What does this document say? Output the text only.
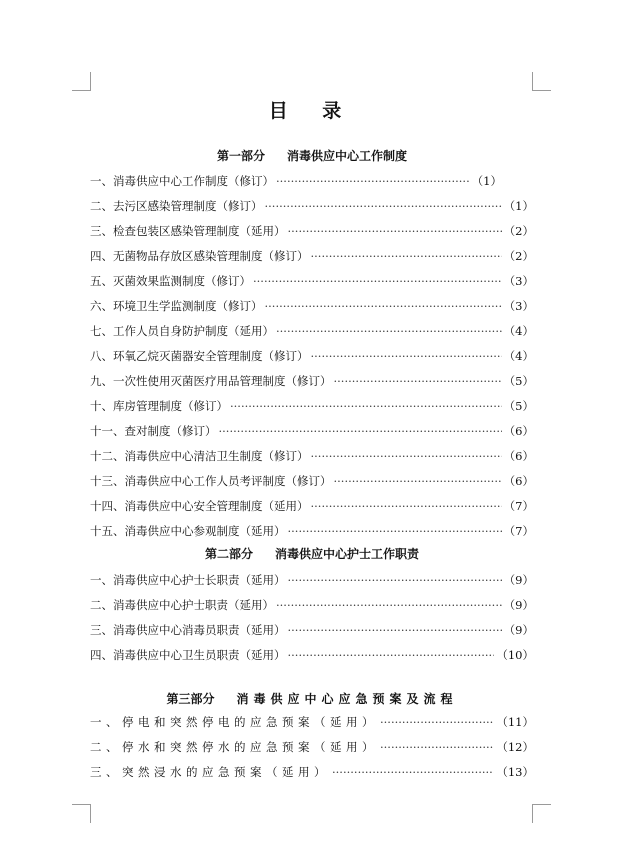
目 录
第一部分 消毒供应中心工作制度
一、消毒供应中心工作制度（修订） ·····	（1）
二、去污区感染管理制度（修订） ·····	（1）
三、检查包装区感染管理制度（延用） ·····	（2）
四、无菌物品存放区感染管理制度（修订） ·····	（2）
五、灭菌效果监测制度（修订） ·····	（3）
六、环境卫生学监测制度（修订） ·····	（3）
七、工作人员自身防护制度（延用） ·····	（4）
八、环氧乙烷灭菌器安全管理制度（修订） ·····	（4）
九、一次性使用灭菌医疗用品管理制度（修订） ·····	（5）
十、库房管理制度（修订） ·····	（5）
十一、查对制度（修订） ·····	（6）
十二、消毒供应中心清洁卫生制度（修订） ·····	（6）
十三、消毒供应中心工作人员考评制度（修订） ·····	（6）
十四、消毒供应中心安全管理制度（延用） ·····	（7）
十五、消毒供应中心参观制度（延用） ·····	（7）
第二部分 消毒供应中心护士工作职责
一、消毒供应中心护士长职责（延用） ·····	（9）
二、消毒供应中心护士职责（延用） ·····	（9）
三、消毒供应中心消毒员职责（延用） ·····	（9）
四、消毒供应中心卫生员职责（延用） ·····	（10）
第三部分 消毒供应中心应急预案及流程
一、停电和突然停电的应急预案（延用） ·····	（11）
二、停水和突然停水的应急预案（延用） ·····	（12）
三、突然浸水的应急预案（延用） ·····	（13）
